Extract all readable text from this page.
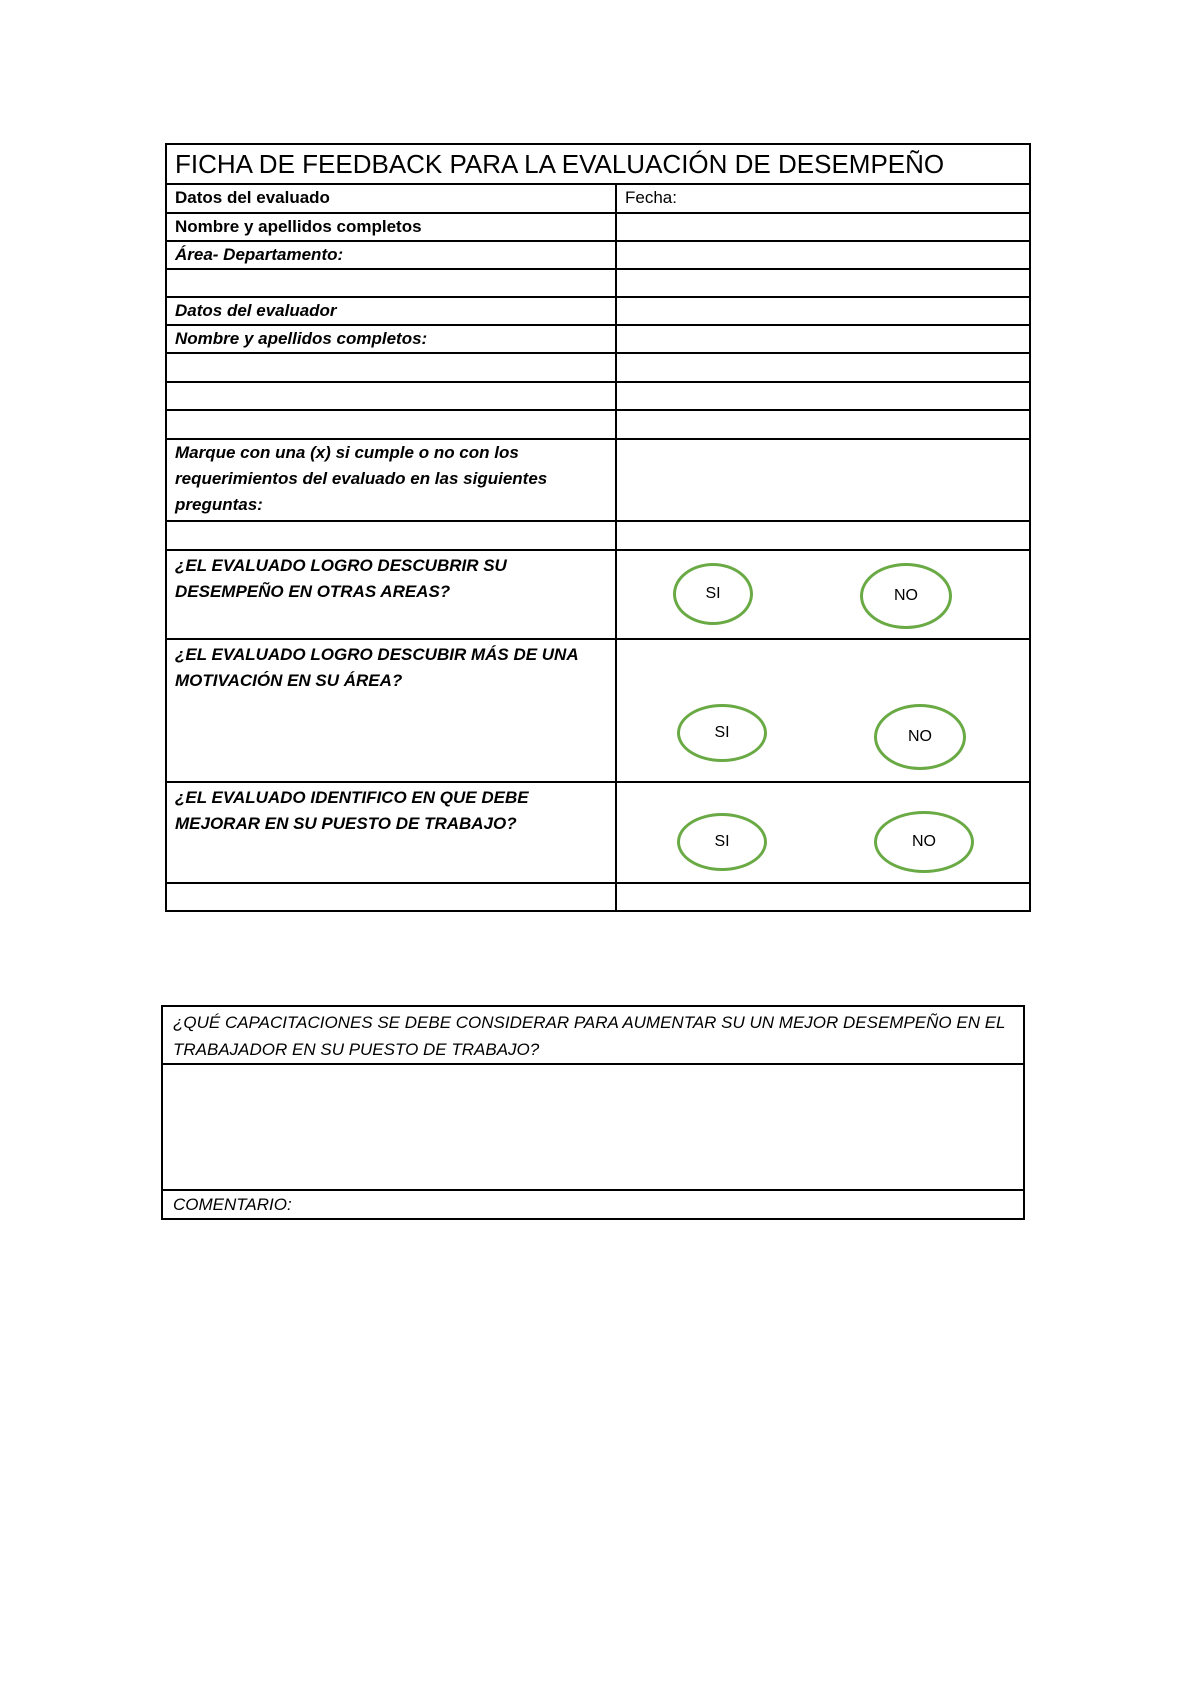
FICHA DE FEEDBACK PARA LA EVALUACIÓN DE DESEMPEÑO	
Datos del evaluado	Fecha:
Nombre y apellidos completos	
Área- Departamento:	

Datos del evaluador	
Nombre y apellidos completos:	

Marque con una (x) si cumple o no con los requerimientos del evaluado en las siguientes preguntas:	

¿EL EVALUADO LOGRO DESCUBRIR SU DESEMPEÑO EN OTRAS AREAS?	SI NO

¿EL EVALUADO LOGRO DESCUBIR MÁS DE UNA MOTIVACIÓN EN SU ÁREA?	SI NO

¿EL EVALUADO IDENTIFICO EN QUE DEBE MEJORAR EN SU PUESTO DE TRABAJO?	SI NO

¿QUÉ CAPACITACIONES SE DEBE CONSIDERAR PARA AUMENTAR SU UN MEJOR DESEMPEÑO EN EL TRABAJADOR EN SU PUESTO DE TRABAJO?

COMENTARIO:
